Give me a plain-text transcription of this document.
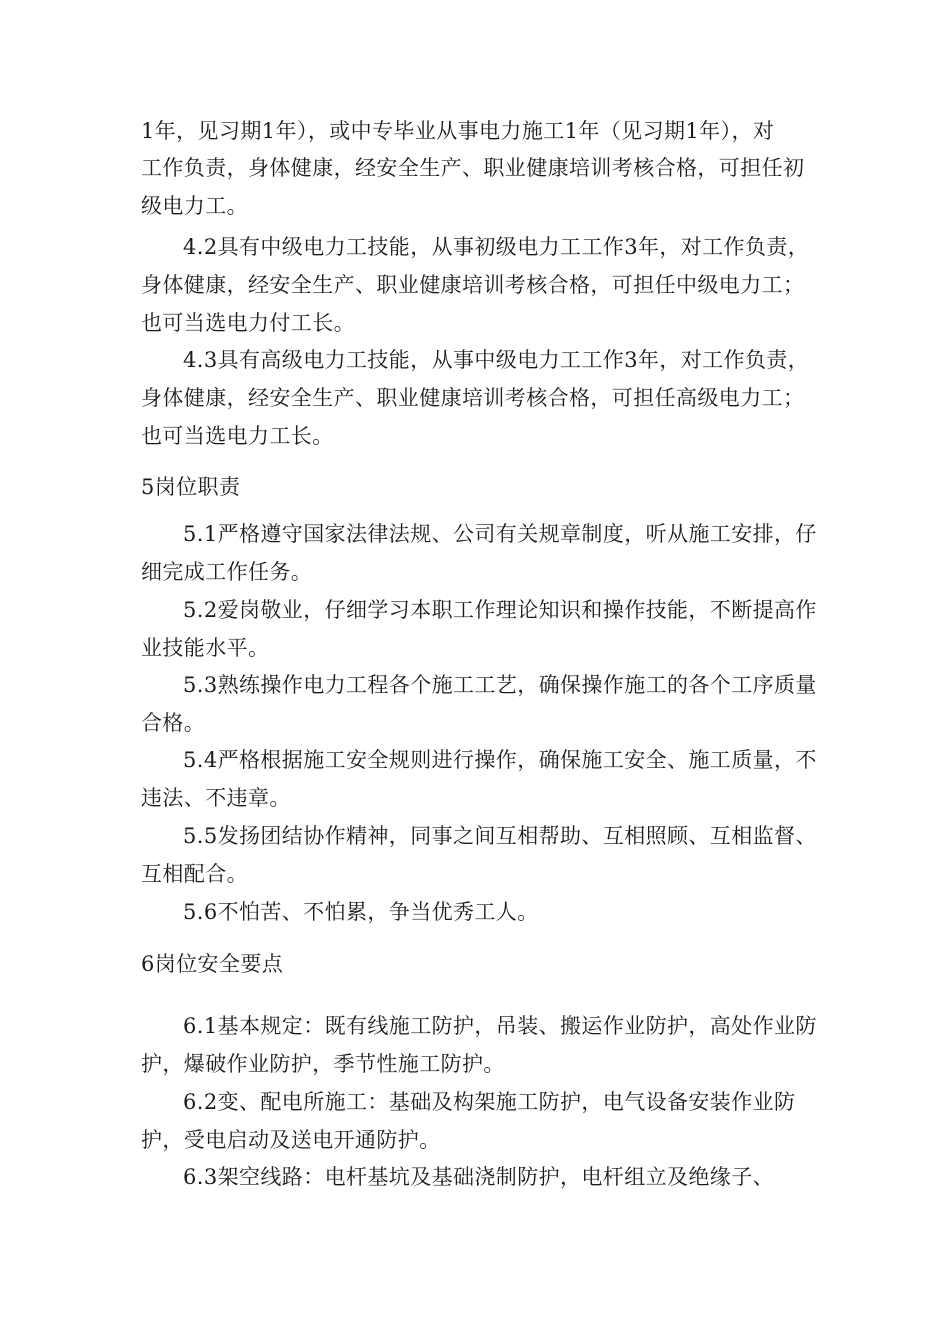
1年，见习期1年），或中专毕业从事电力施工1年（见习期1年），对
工作负责，身体健康，经安全生产、职业健康培训考核合格，可担任初
级电力工。
4.2具有中级电力工技能，从事初级电力工工作3年，对工作负责，
身体健康，经安全生产、职业健康培训考核合格，可担任中级电力工；
也可当选电力付工长。
4.3具有高级电力工技能，从事中级电力工工作3年，对工作负责，
身体健康，经安全生产、职业健康培训考核合格，可担任高级电力工；
也可当选电力工长。
5岗位职责
5.1严格遵守国家法律法规、公司有关规章制度，听从施工安排，仔
细完成工作任务。
5.2爱岗敬业，仔细学习本职工作理论知识和操作技能，不断提高作
业技能水平。
5.3熟练操作电力工程各个施工工艺，确保操作施工的各个工序质量
合格。
5.4严格根据施工安全规则进行操作，确保施工安全、施工质量，不
违法、不违章。
5.5发扬团结协作精神，同事之间互相帮助、互相照顾、互相监督、
互相配合。
5.6不怕苦、不怕累，争当优秀工人。
6岗位安全要点
6.1基本规定：既有线施工防护，吊装、搬运作业防护，高处作业防
护，爆破作业防护，季节性施工防护。
6.2变、配电所施工：基础及构架施工防护，电气设备安装作业防
护，受电启动及送电开通防护。
6.3架空线路：电杆基坑及基础浇制防护，电杆组立及绝缘子、
